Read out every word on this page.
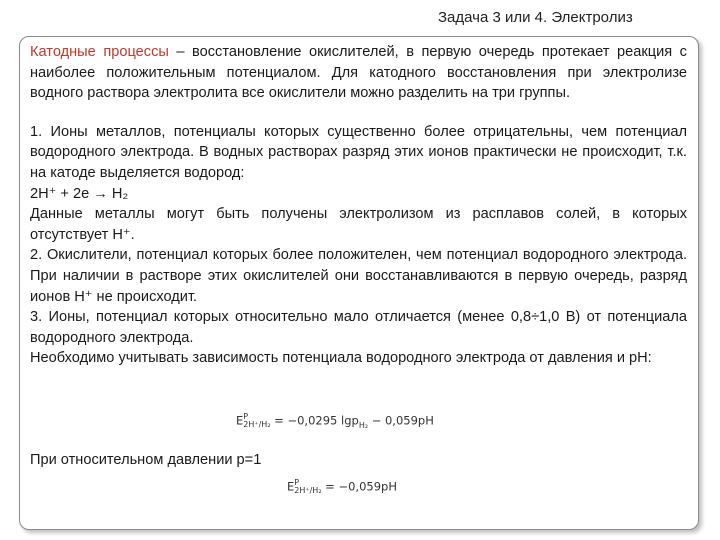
Задача 3 или 4. Электролиз

Катодные процессы – восстановление окислителей, в первую очередь протекает реакция с наиболее положительным потенциалом. Для катодного восстановления при электролизе водного раствора электролита все окислители можно разделить на три группы.

1. Ионы металлов, потенциалы которых существенно более отрицательны, чем потенциал водородного электрода. В водных растворах разряд этих ионов практически не происходит, т.к. на катоде выделяется водород:

2H⁺ + 2e → H₂

Данные металлы могут быть получены электролизом из расплавов солей, в которых отсутствует H⁺.

2. Окислители, потенциал которых более положителен, чем потенциал водородного электрода. При наличии в растворе этих окислителей они восстанавливаются в первую очередь, разряд ионов H⁺ не происходит.

3. Ионы, потенциал которых относительно мало отличается (менее 0,8÷1,0 В) от потенциала водородного электрода.

Необходимо учитывать зависимость потенциала водородного электрода от давления и pH:

E P
2H⁺/H₂ = −0,0295 lgp$_{H_2}$ − 0,059pH
При относительном давлении p=1
E P
2H⁺/H₂ = −0,059pH
